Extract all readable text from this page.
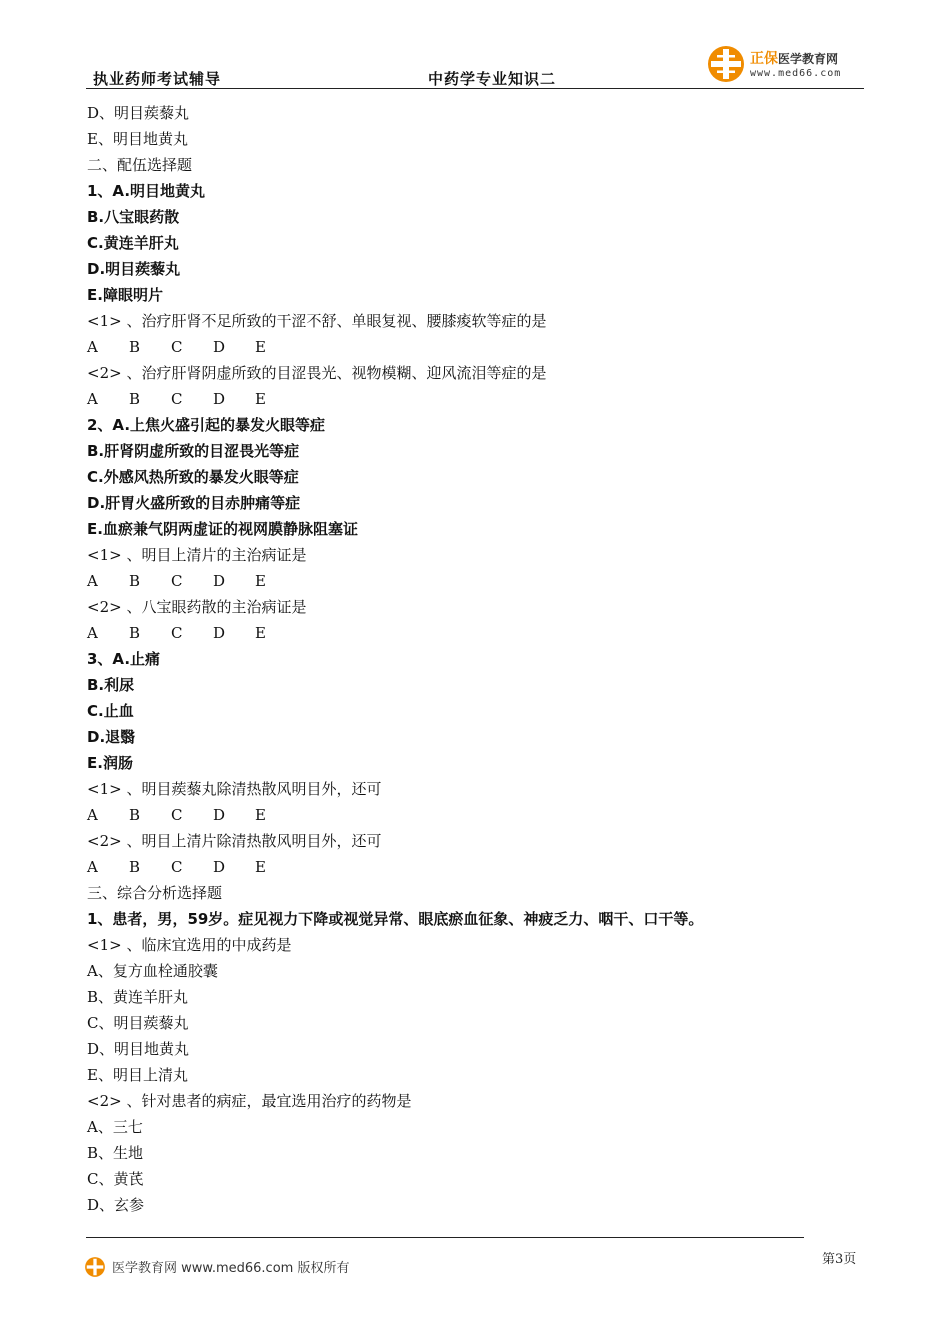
执业药师考试辅导	中药学专业知识二
正保医学教育网
www.med66.com
D、明目蒺藜丸
E、明目地黄丸
二、配伍选择题
1、A.明目地黄丸
B.八宝眼药散
C.黄连羊肝丸
D.明目蒺藜丸
E.障眼明片
<1> 、治疗肝肾不足所致的干涩不舒、单眼复视、腰膝痠软等症的是
A B C D E
<2> 、治疗肝肾阴虚所致的目涩畏光、视物模糊、迎风流泪等症的是
A B C D E
2、A.上焦火盛引起的暴发火眼等症
B.肝肾阴虚所致的目涩畏光等症
C.外感风热所致的暴发火眼等症
D.肝胃火盛所致的目赤肿痛等症
E.血瘀兼气阴两虚证的视网膜静脉阻塞证
<1> 、明目上清片的主治病证是
A B C D E
<2> 、八宝眼药散的主治病证是
A B C D E
3、A.止痛
B.利尿
C.止血
D.退翳
E.润肠
<1> 、明目蒺藜丸除清热散风明目外，还可
A B C D E
<2> 、明目上清片除清热散风明目外，还可
A B C D E
三、综合分析选择题
1、患者，男，59岁。症见视力下降或视觉异常、眼底瘀血征象、神疲乏力、咽干、口干等。
<1> 、临床宜选用的中成药是
A、复方血栓通胶囊
B、黄连羊肝丸
C、明目蒺藜丸
D、明目地黄丸
E、明目上清丸
<2> 、针对患者的病症，最宜选用治疗的药物是
A、三七
B、生地
C、黄芪
D、玄参
医学教育网 www.med66.com 版权所有
第3页
